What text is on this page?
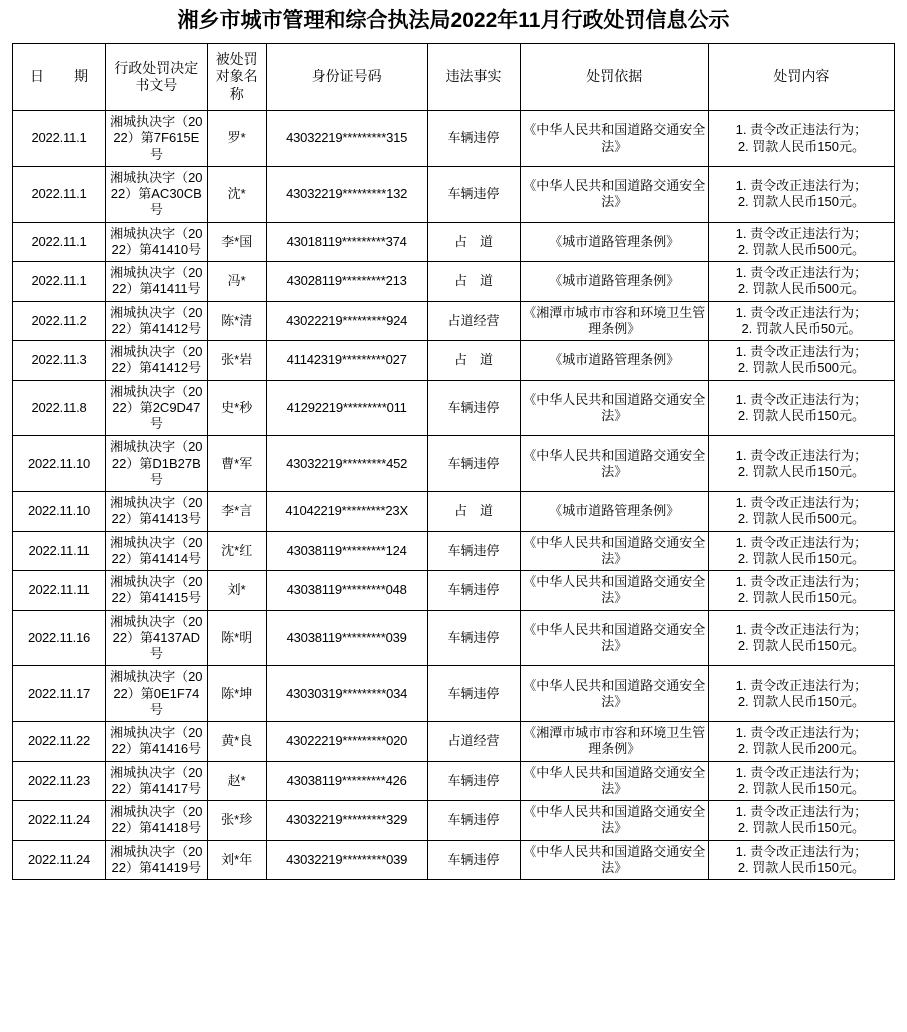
湘乡市城市管理和综合执法局2022年11月行政处罚信息公示
日　期	行政处罚决定书文号	被处罚对象名称	身份证号码	违法事实	处罚依据	处罚内容
2022.11.1	湘城执决字（2022）第7F615E号	罗*	43032219*********315	车辆违停	《中华人民共和国道路交通安全法》	1. 责令改正违法行为；
2. 罚款人民币150元。

2022.11.1	湘城执决字（2022）第AC30CB号	沈*	43032219*********132	车辆违停	《中华人民共和国道路交通安全法》	1. 责令改正违法行为；
2. 罚款人民币150元。

2022.11.1	湘城执决字（2022）第41410号	李*国	43018119*********374	占　道	《城市道路管理条例》	1. 责令改正违法行为；
2. 罚款人民币500元。

2022.11.1	湘城执决字（2022）第41411号	冯*	43028119*********213	占　道	《城市道路管理条例》	1. 责令改正违法行为；
2. 罚款人民币500元。

2022.11.2	湘城执决字（2022）第41412号	陈*清	43022219*********924	占道经营	《湘潭市城市市容和环境卫生管理条例》	1. 责令改正违法行为；
2. 罚款人民币50元。

2022.11.3	湘城执决字（2022）第41412号	张*岩	41142319*********027	占　道	《城市道路管理条例》	1. 责令改正违法行为；
2. 罚款人民币500元。

2022.11.8	湘城执决字（2022）第2C9D47号	史*秒	41292219*********011	车辆违停	《中华人民共和国道路交通安全法》	1. 责令改正违法行为；
2. 罚款人民币150元。

2022.11.10	湘城执决字（2022）第D1B27B号	曹*军	43032219*********452	车辆违停	《中华人民共和国道路交通安全法》	1. 责令改正违法行为；
2. 罚款人民币150元。

2022.11.10	湘城执决字（2022）第41413号	李*言	41042219*********23X	占　道	《城市道路管理条例》	1. 责令改正违法行为；
2. 罚款人民币500元。

2022.11.11	湘城执决字（2022）第41414号	沈*红	43038119*********124	车辆违停	《中华人民共和国道路交通安全法》	1. 责令改正违法行为；
2. 罚款人民币150元。

2022.11.11	湘城执决字（2022）第41415号	刘*	43038119*********048	车辆违停	《中华人民共和国道路交通安全法》	1. 责令改正违法行为；
2. 罚款人民币150元。

2022.11.16	湘城执决字（2022）第4137AD号	陈*明	43038119*********039	车辆违停	《中华人民共和国道路交通安全法》	1. 责令改正违法行为；
2. 罚款人民币150元。

2022.11.17	湘城执决字（2022）第0E1F74号	陈*坤	43030319*********034	车辆违停	《中华人民共和国道路交通安全法》	1. 责令改正违法行为；
2. 罚款人民币150元。

2022.11.22	湘城执决字（2022）第41416号	黄*良	43022219*********020	占道经营	《湘潭市城市市容和环境卫生管理条例》	1. 责令改正违法行为；
2. 罚款人民币200元。

2022.11.23	湘城执决字（2022）第41417号	赵*	43038119*********426	车辆违停	《中华人民共和国道路交通安全法》	1. 责令改正违法行为；
2. 罚款人民币150元。

2022.11.24	湘城执决字（2022）第41418号	张*珍	43032219*********329	车辆违停	《中华人民共和国道路交通安全法》	1. 责令改正违法行为；
2. 罚款人民币150元。

2022.11.24	湘城执决字（2022）第41419号	刘*年	43032219*********039	车辆违停	《中华人民共和国道路交通安全法》	1. 责令改正违法行为；
2. 罚款人民币150元。
